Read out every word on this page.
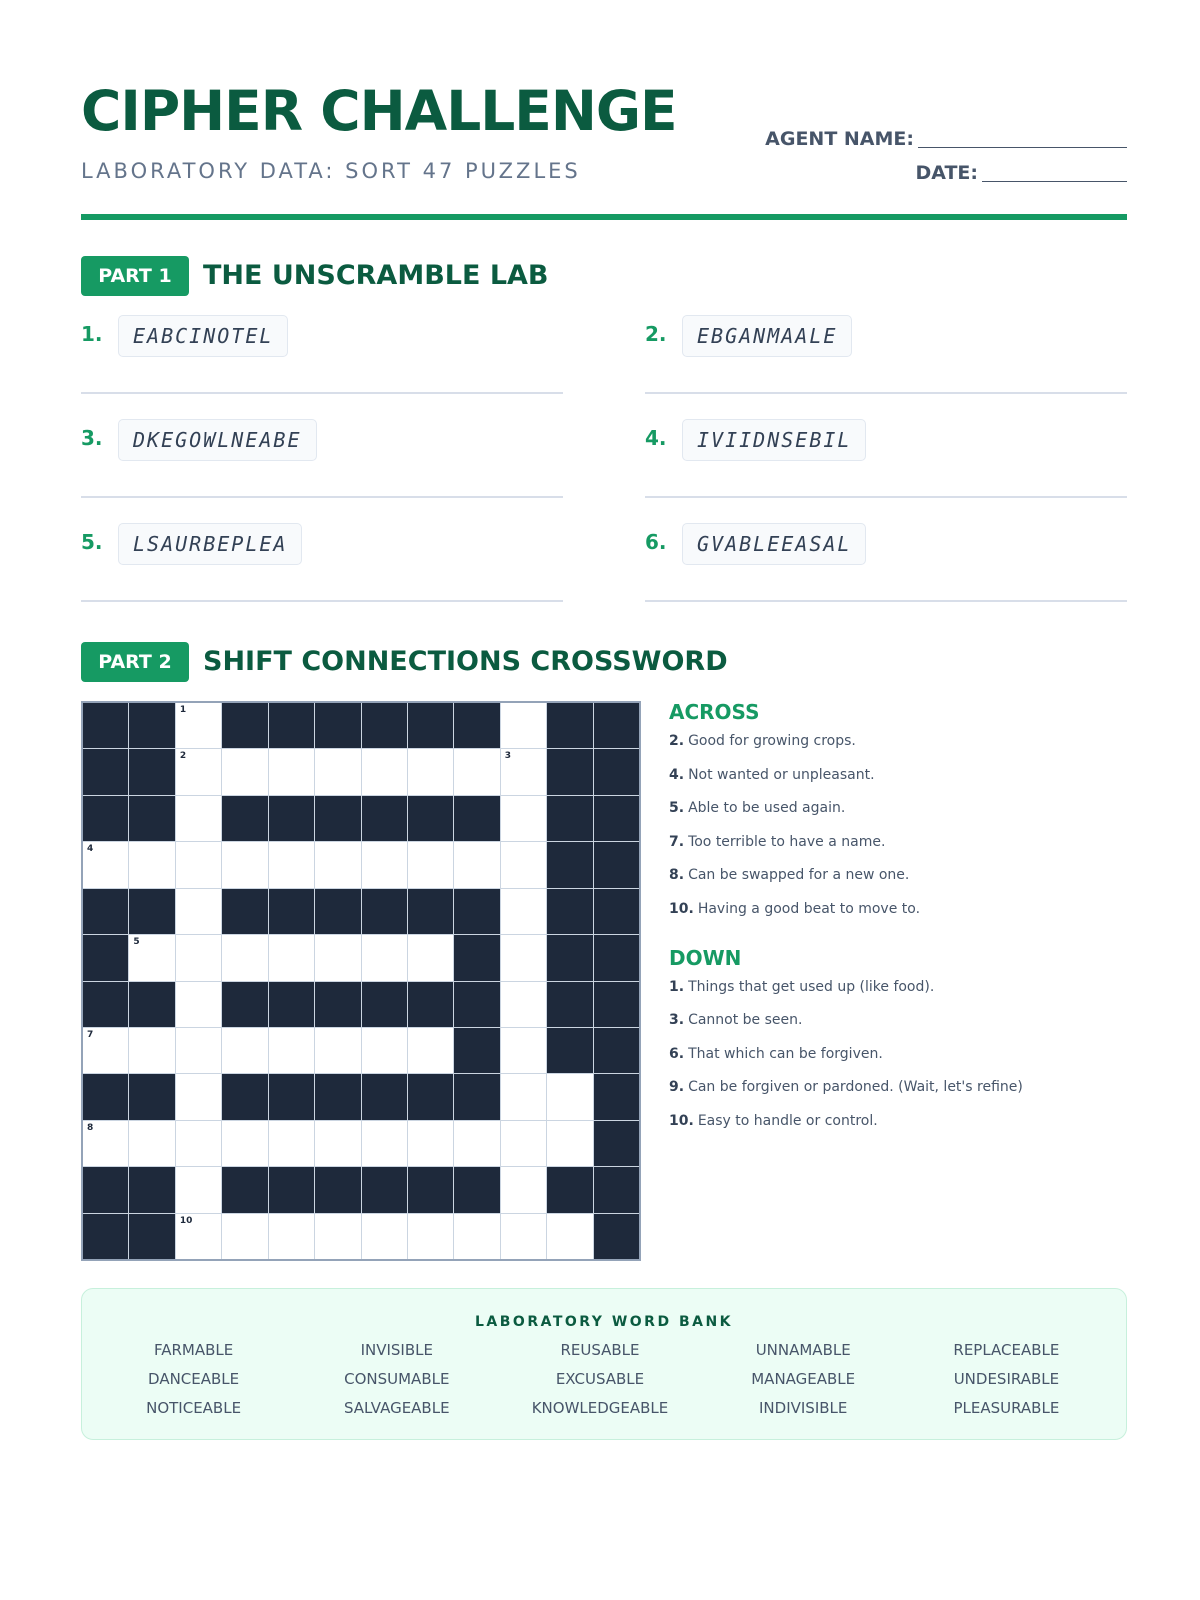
CIPHER CHALLENGE
LABORATORY DATA: SORT 47 PUZZLES
AGENT NAME:
DATE:
PART 1	THE UNSCRAMBLE LAB
1.	EABCINOTEL	2.	EBGANMAALE
3.	DKEGOWLNEABE	4.	IVIIDNSEBIL
5.	LSAURBEPLEA	6.	GVABLEEASAL
PART 2	SHIFT CONNECTIONS CROSSWORD
1
2	3
4
5
7
8
10
ACROSS
2. Good for growing crops.
4. Not wanted or unpleasant.
5. Able to be used again.
7. Too terrible to have a name.
8. Can be swapped for a new one.
10. Having a good beat to move to.
DOWN
1. Things that get used up (like food).
3. Cannot be seen.
6. That which can be forgiven.
9. Can be forgiven or pardoned. (Wait, let's refine)
10. Easy to handle or control.
LABORATORY WORD BANK
FARMABLE	INVISIBLE	REUSABLE	UNNAMABLE	REPLACEABLE
DANCEABLE	CONSUMABLE	EXCUSABLE	MANAGEABLE	UNDESIRABLE
NOTICEABLE	SALVAGEABLE	KNOWLEDGEABLE	INDIVISIBLE	PLEASURABLE
